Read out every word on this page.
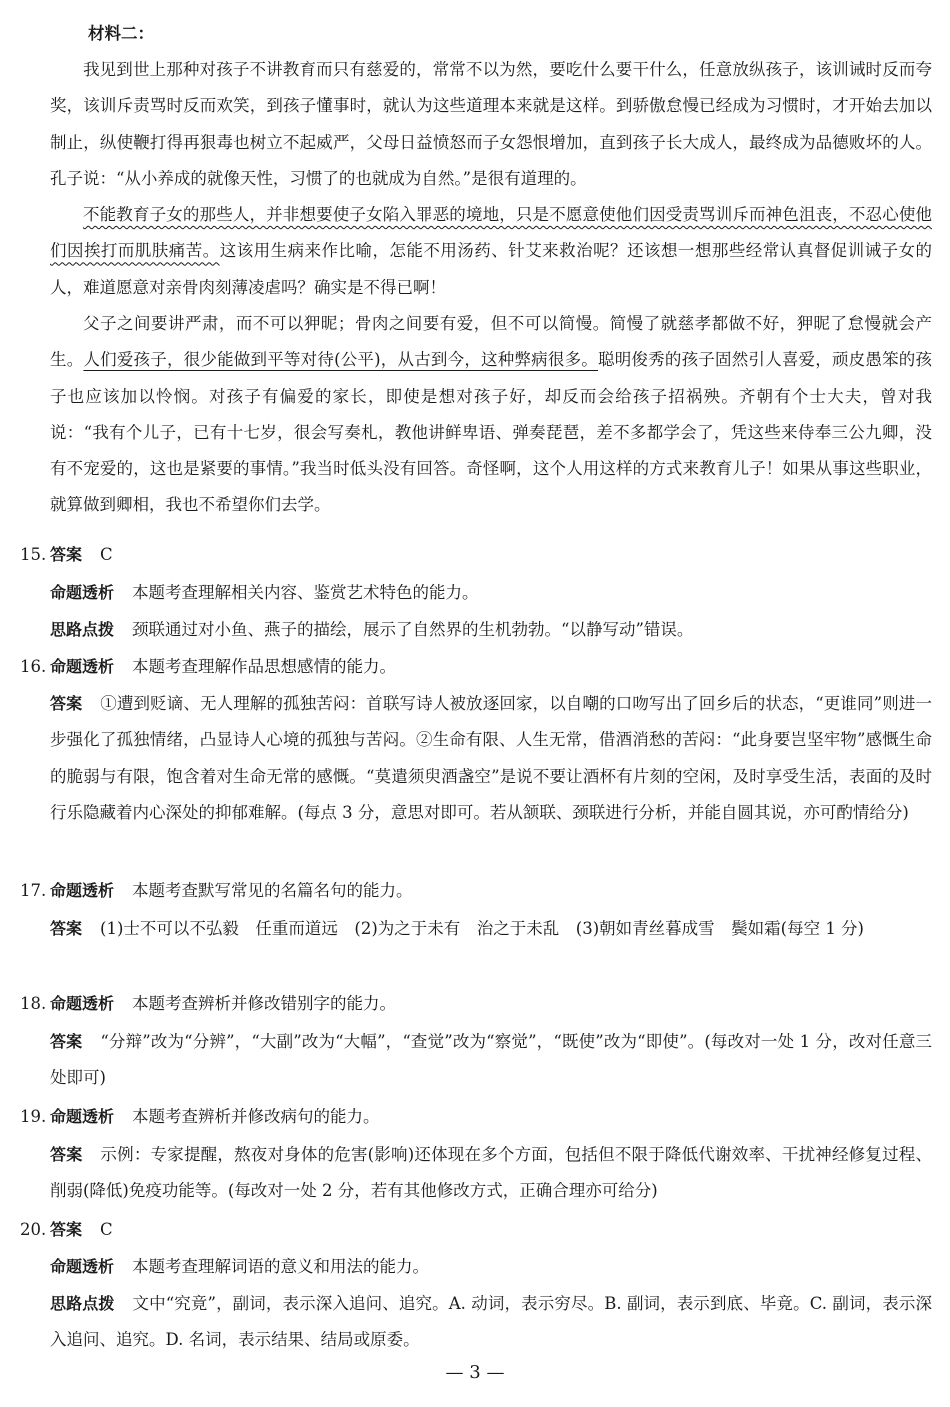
材料二：
我见到世上那种对孩子不讲教育而只有慈爱的，常常不以为然，要吃什么要干什么，任意放纵孩子，该训诫时反而夸奖，该训斥责骂时反而欢笑，到孩子懂事时，就认为这些道理本来就是这样。到骄傲怠慢已经成为习惯时，才开始去加以制止，纵使鞭打得再狠毒也树立不起威严，父母日益愤怒而子女怨恨增加，直到孩子长大成人，最终成为品德败坏的人。孔子说：“从小养成的就像天性，习惯了的也就成为自然。”是很有道理的。
不能教育子女的那些人，并非想要使子女陷入罪恶的境地，只是不愿意使他们因受责骂训斥而神色沮丧，不忍心使他们因挨打而肌肤痛苦。这该用生病来作比喻，怎能不用汤药、针艾来救治呢？还该想一想那些经常认真督促训诫子女的人，难道愿意对亲骨肉刻薄凌虐吗？确实是不得已啊！
父子之间要讲严肃，而不可以狎昵；骨肉之间要有爱，但不可以简慢。简慢了就慈孝都做不好，狎昵了怠慢就会产生。人们爱孩子，很少能做到平等对待(公平)，从古到今，这种弊病很多。聪明俊秀的孩子固然引人喜爱，顽皮愚笨的孩子也应该加以怜悯。对孩子有偏爱的家长，即使是想对孩子好，却反而会给孩子招祸殃。齐朝有个士大夫，曾对我说：“我有个儿子，已有十七岁，很会写奏札，教他讲鲜卑语、弹奏琵琶，差不多都学会了，凭这些来侍奉三公九卿，没有不宠爱的，这也是紧要的事情。”我当时低头没有回答。奇怪啊，这个人用这样的方式来教育儿子！如果从事这些职业，就算做到卿相，我也不希望你们去学。
15. 答案 C
命题透析 本题考查理解相关内容、鉴赏艺术特色的能力。
思路点拨 颈联通过对小鱼、燕子的描绘，展示了自然界的生机勃勃。“以静写动”错误。
16. 命题透析 本题考查理解作品思想感情的能力。
答案 ①遭到贬谪、无人理解的孤独苦闷：首联写诗人被放逐回家，以自嘲的口吻写出了回乡后的状态，“更谁同”则进一步强化了孤独情绪，凸显诗人心境的孤独与苦闷。②生命有限、人生无常，借酒消愁的苦闷：“此身要岂坚牢物”感慨生命的脆弱与有限，饱含着对生命无常的感慨。“莫遣须臾酒盏空”是说不要让酒杯有片刻的空闲，及时享受生活，表面的及时行乐隐藏着内心深处的抑郁难解。(每点 3 分，意思对即可。若从颔联、颈联进行分析，并能自圆其说，亦可酌情给分)
17. 命题透析 本题考查默写常见的名篇名句的能力。
答案 (1)士不可以不弘毅　任重而道远　(2)为之于未有　治之于未乱　(3)朝如青丝暮成雪　鬓如霜(每空 1 分)
18. 命题透析 本题考查辨析并修改错别字的能力。
答案 “分辩”改为“分辨”，“大副”改为“大幅”，“查觉”改为“察觉”，“既使”改为“即使”。(每改对一处 1 分，改对任意三处即可)
19. 命题透析 本题考查辨析并修改病句的能力。
答案 示例：专家提醒，熬夜对身体的危害(影响)还体现在多个方面，包括但不限于降低代谢效率、干扰神经修复过程、削弱(降低)免疫功能等。(每改对一处 2 分，若有其他修改方式，正确合理亦可给分)
20. 答案 C
命题透析 本题考查理解词语的意义和用法的能力。
思路点拨 文中“究竟”，副词，表示深入追问、追究。A. 动词，表示穷尽。B. 副词，表示到底、毕竟。C. 副词，表示深入追问、追究。D. 名词，表示结果、结局或原委。
— 3 —
